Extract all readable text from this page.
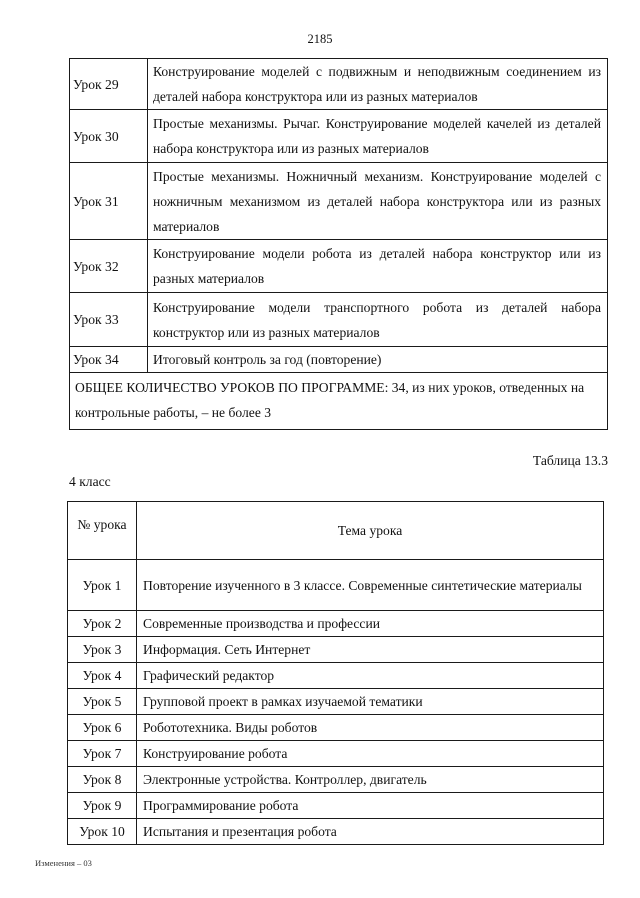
2185
Урок 29	Конструирование моделей с подвижным и неподвижным соединением из деталей набора конструктора или из разных материалов
Урок 30	Простые механизмы. Рычаг. Конструирование моделей качелей из деталей набора конструктора или из разных материалов
Урок 31	Простые механизмы. Ножничный механизм. Конструирование моделей с ножничным механизмом из деталей набора конструктора или из разных материалов
Урок 32	Конструирование модели робота из деталей набора конструктор или из разных материалов
Урок 33	Конструирование модели транспортного робота из деталей набора конструктор или из разных материалов
Урок 34	Итоговый контроль за год (повторение)
ОБЩЕЕ КОЛИЧЕСТВО УРОКОВ ПО ПРОГРАММЕ: 34, из них уроков, отведенных на контрольные работы, – не более 3	
Таблица 13.3
4 класс
№ урока	Тема урока
Урок 1	Повторение изученного в 3 классе. Современные синтетические материалы
Урок 2	Современные производства и профессии
Урок 3	Информация. Сеть Интернет
Урок 4	Графический редактор
Урок 5	Групповой проект в рамках изучаемой тематики
Урок 6	Робототехника. Виды роботов
Урок 7	Конструирование робота
Урок 8	Электронные устройства. Контроллер, двигатель
Урок 9	Программирование робота
Урок 10	Испытания и презентация робота
Изменения – 03
